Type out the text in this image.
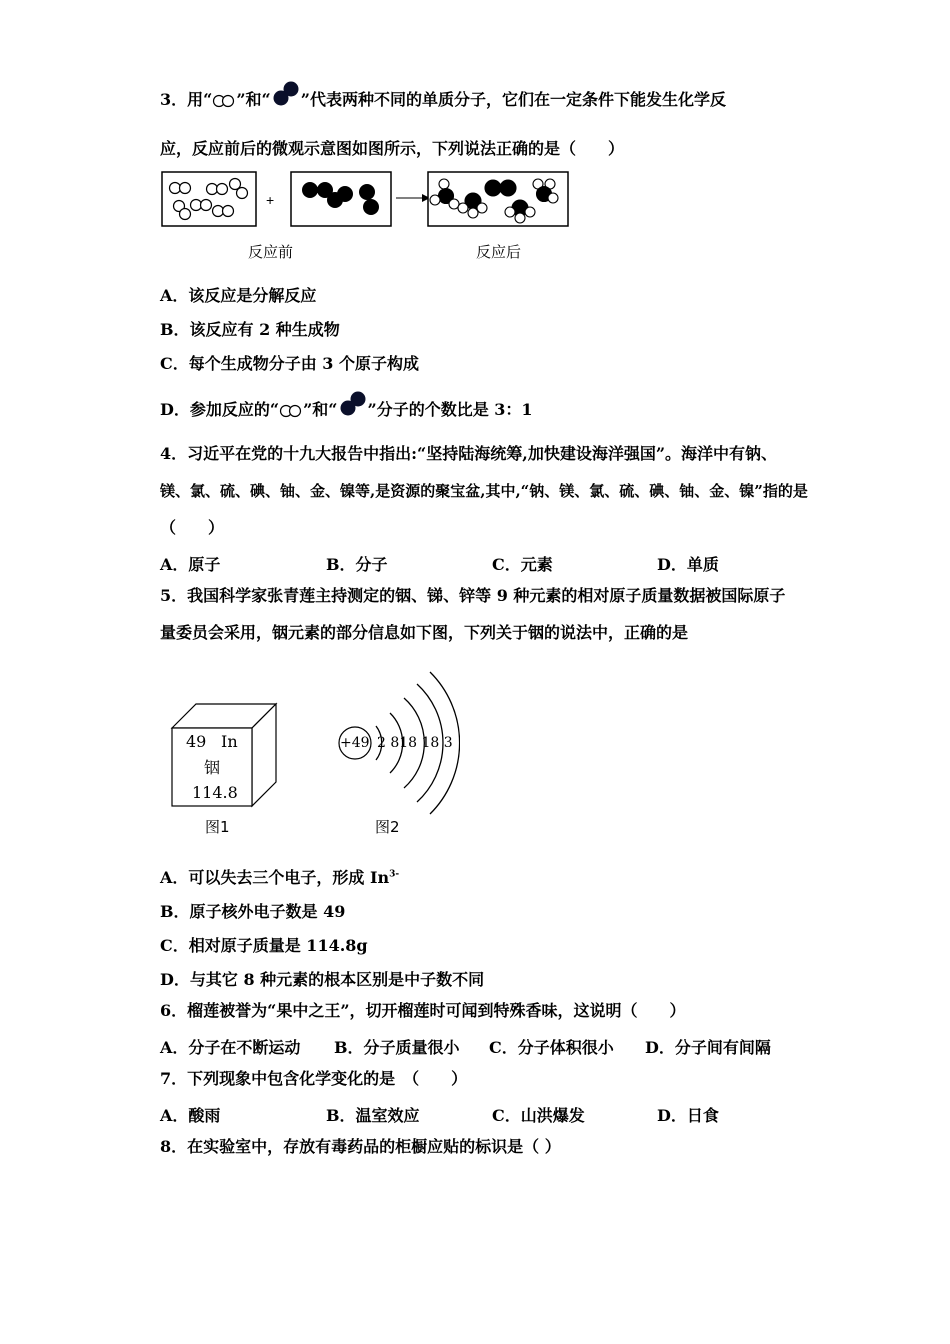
3．用“ ”和“ ”代表两种不同的单质分子，它们在一定条件下能发生化学反
应，反应前后的微观示意图如图所示，下列说法正确的是（　　）
+
反应前	反应后
A．该反应是分解反应
B．该反应有 2 种生成物
C．每个生成物分子由 3 个原子构成
D．参加反应的“ ”和“ ”分子的个数比是 3：1
4．习近平在党的十九大报告中指出:“坚持陆海统筹,加快建设海洋强国”。海洋中有钠、
镁、氯、硫、碘、铀、金、镍等,是资源的聚宝盆,其中,“钠、镁、氯、硫、碘、铀、金、镍”指的是
（　　）
A．原子	B．分子	C．元素	D．单质
5．我国科学家张青莲主持测定的铟、锑、锌等 9 种元素的相对原子质量数据被国际原子
量委员会采用，铟元素的部分信息如下图，下列关于铟的说法中，正确的是
49 In
铟
114.8
图1
+49 2 818 18 3
图2
A．可以失去三个电子，形成 $In^{3-}$
B．原子核外电子数是 49
C．相对原子质量是 114.8g
D．与其它 8 种元素的根本区别是中子数不同
6．榴莲被誉为“果中之王”，切开榴莲时可闻到特殊香味，这说明（　　）
A．分子在不断运动 B．分子质量很小 C．分子体积很小 D．分子间有间隔
7．下列现象中包含化学变化的是　（　　）
A．酸雨	B．温室效应	C．山洪爆发	D．日食
8．在实验室中，存放有毒药品的柜橱应贴的标识是（ ）
